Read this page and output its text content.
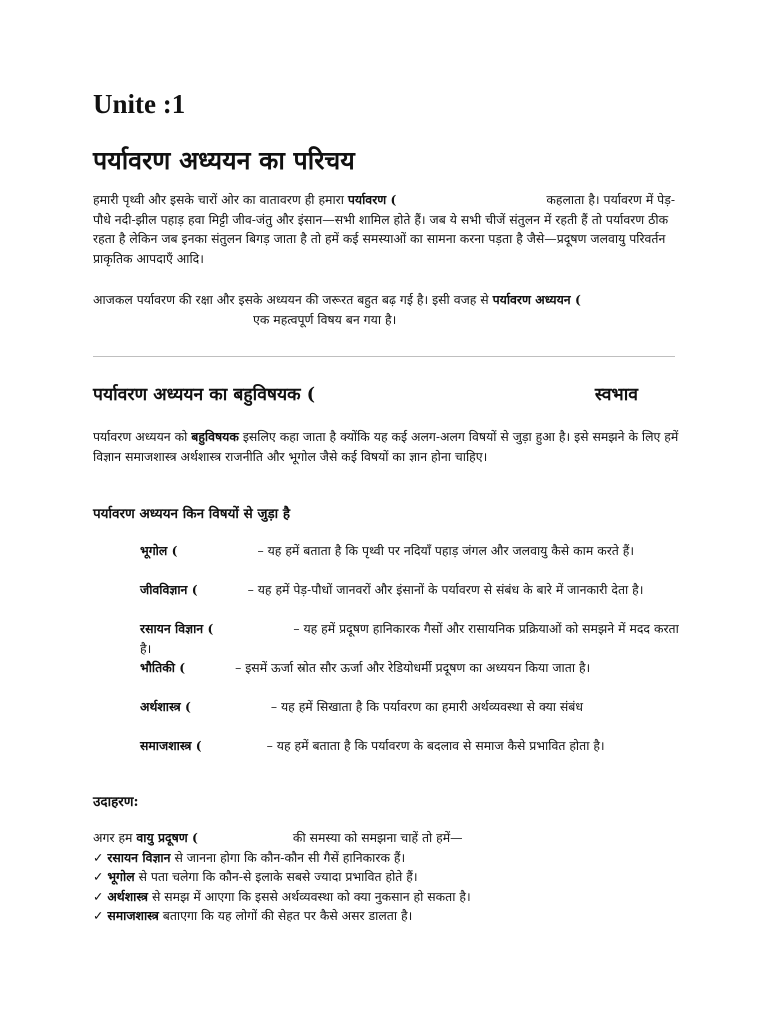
Unite :1
पर्यावरण अध्ययन का परिचय

हमारी पृथ्वी और इसके चारों ओर का वातावरण ही हमारा पर्यावरण (	कहलाता है। पर्यावरण में पेड़-पौधे नदी-झील पहाड़ हवा मिट्टी जीव-जंतु और इंसान—सभी शामिल होते हैं। जब ये सभी चीजें संतुलन में रहती हैं तो पर्यावरण ठीक रहता है लेकिन जब इनका संतुलन बिगड़ जाता है तो हमें कई समस्याओं का सामना करना पड़ता है जैसे—प्रदूषण जलवायु परिवर्तन प्राकृतिक आपदाएँ आदि।

आजकल पर्यावरण की रक्षा और इसके अध्ययन की जरूरत बहुत बढ़ गई है। इसी वजह से पर्यावरण अध्ययन (एक महत्वपूर्ण विषय बन गया है।

पर्यावरण अध्ययन का बहुविषयक (	स्वभाव

पर्यावरण अध्ययन को बहुविषयक इसलिए कहा जाता है क्योंकि यह कई अलग-अलग विषयों से जुड़ा हुआ है। इसे समझने के लिए हमें विज्ञान समाजशास्त्र अर्थशास्त्र राजनीति और भूगोल जैसे कई विषयों का ज्ञान होना चाहिए।

पर्यावरण अध्ययन किन विषयों से जुड़ा है
भूगोल (	– यह हमें बताता है कि पृथ्वी पर नदियाँ पहाड़ जंगल और जलवायु कैसे काम करते हैं।
जीवविज्ञान (	– यह हमें पेड़-पौधों जानवरों और इंसानों के पर्यावरण से संबंध के बारे में जानकारी देता है।
रसायन विज्ञान (	– यह हमें प्रदूषण हानिकारक गैसों और रासायनिक प्रक्रियाओं को समझने में मदद करता है।
भौतिकी (	– इसमें ऊर्जा स्रोत सौर ऊर्जा और रेडियोधर्मी प्रदूषण का अध्ययन किया जाता है।
अर्थशास्त्र (	– यह हमें सिखाता है कि पर्यावरण का हमारी अर्थव्यवस्था से क्या संबंध
समाजशास्त्र (	– यह हमें बताता है कि पर्यावरण के बदलाव से समाज कैसे प्रभावित होता है।
उदाहरण:
अगर हम वायु प्रदूषण (	की समस्या को समझना चाहें तो हमें—
✓ रसायन विज्ञान से जानना होगा कि कौन-कौन सी गैसें हानिकारक हैं।
✓ भूगोल से पता चलेगा कि कौन-से इलाके सबसे ज्यादा प्रभावित होते हैं।
✓ अर्थशास्त्र से समझ में आएगा कि इससे अर्थव्यवस्था को क्या नुकसान हो सकता है।
✓ समाजशास्त्र बताएगा कि यह लोगों की सेहत पर कैसे असर डालता है।
